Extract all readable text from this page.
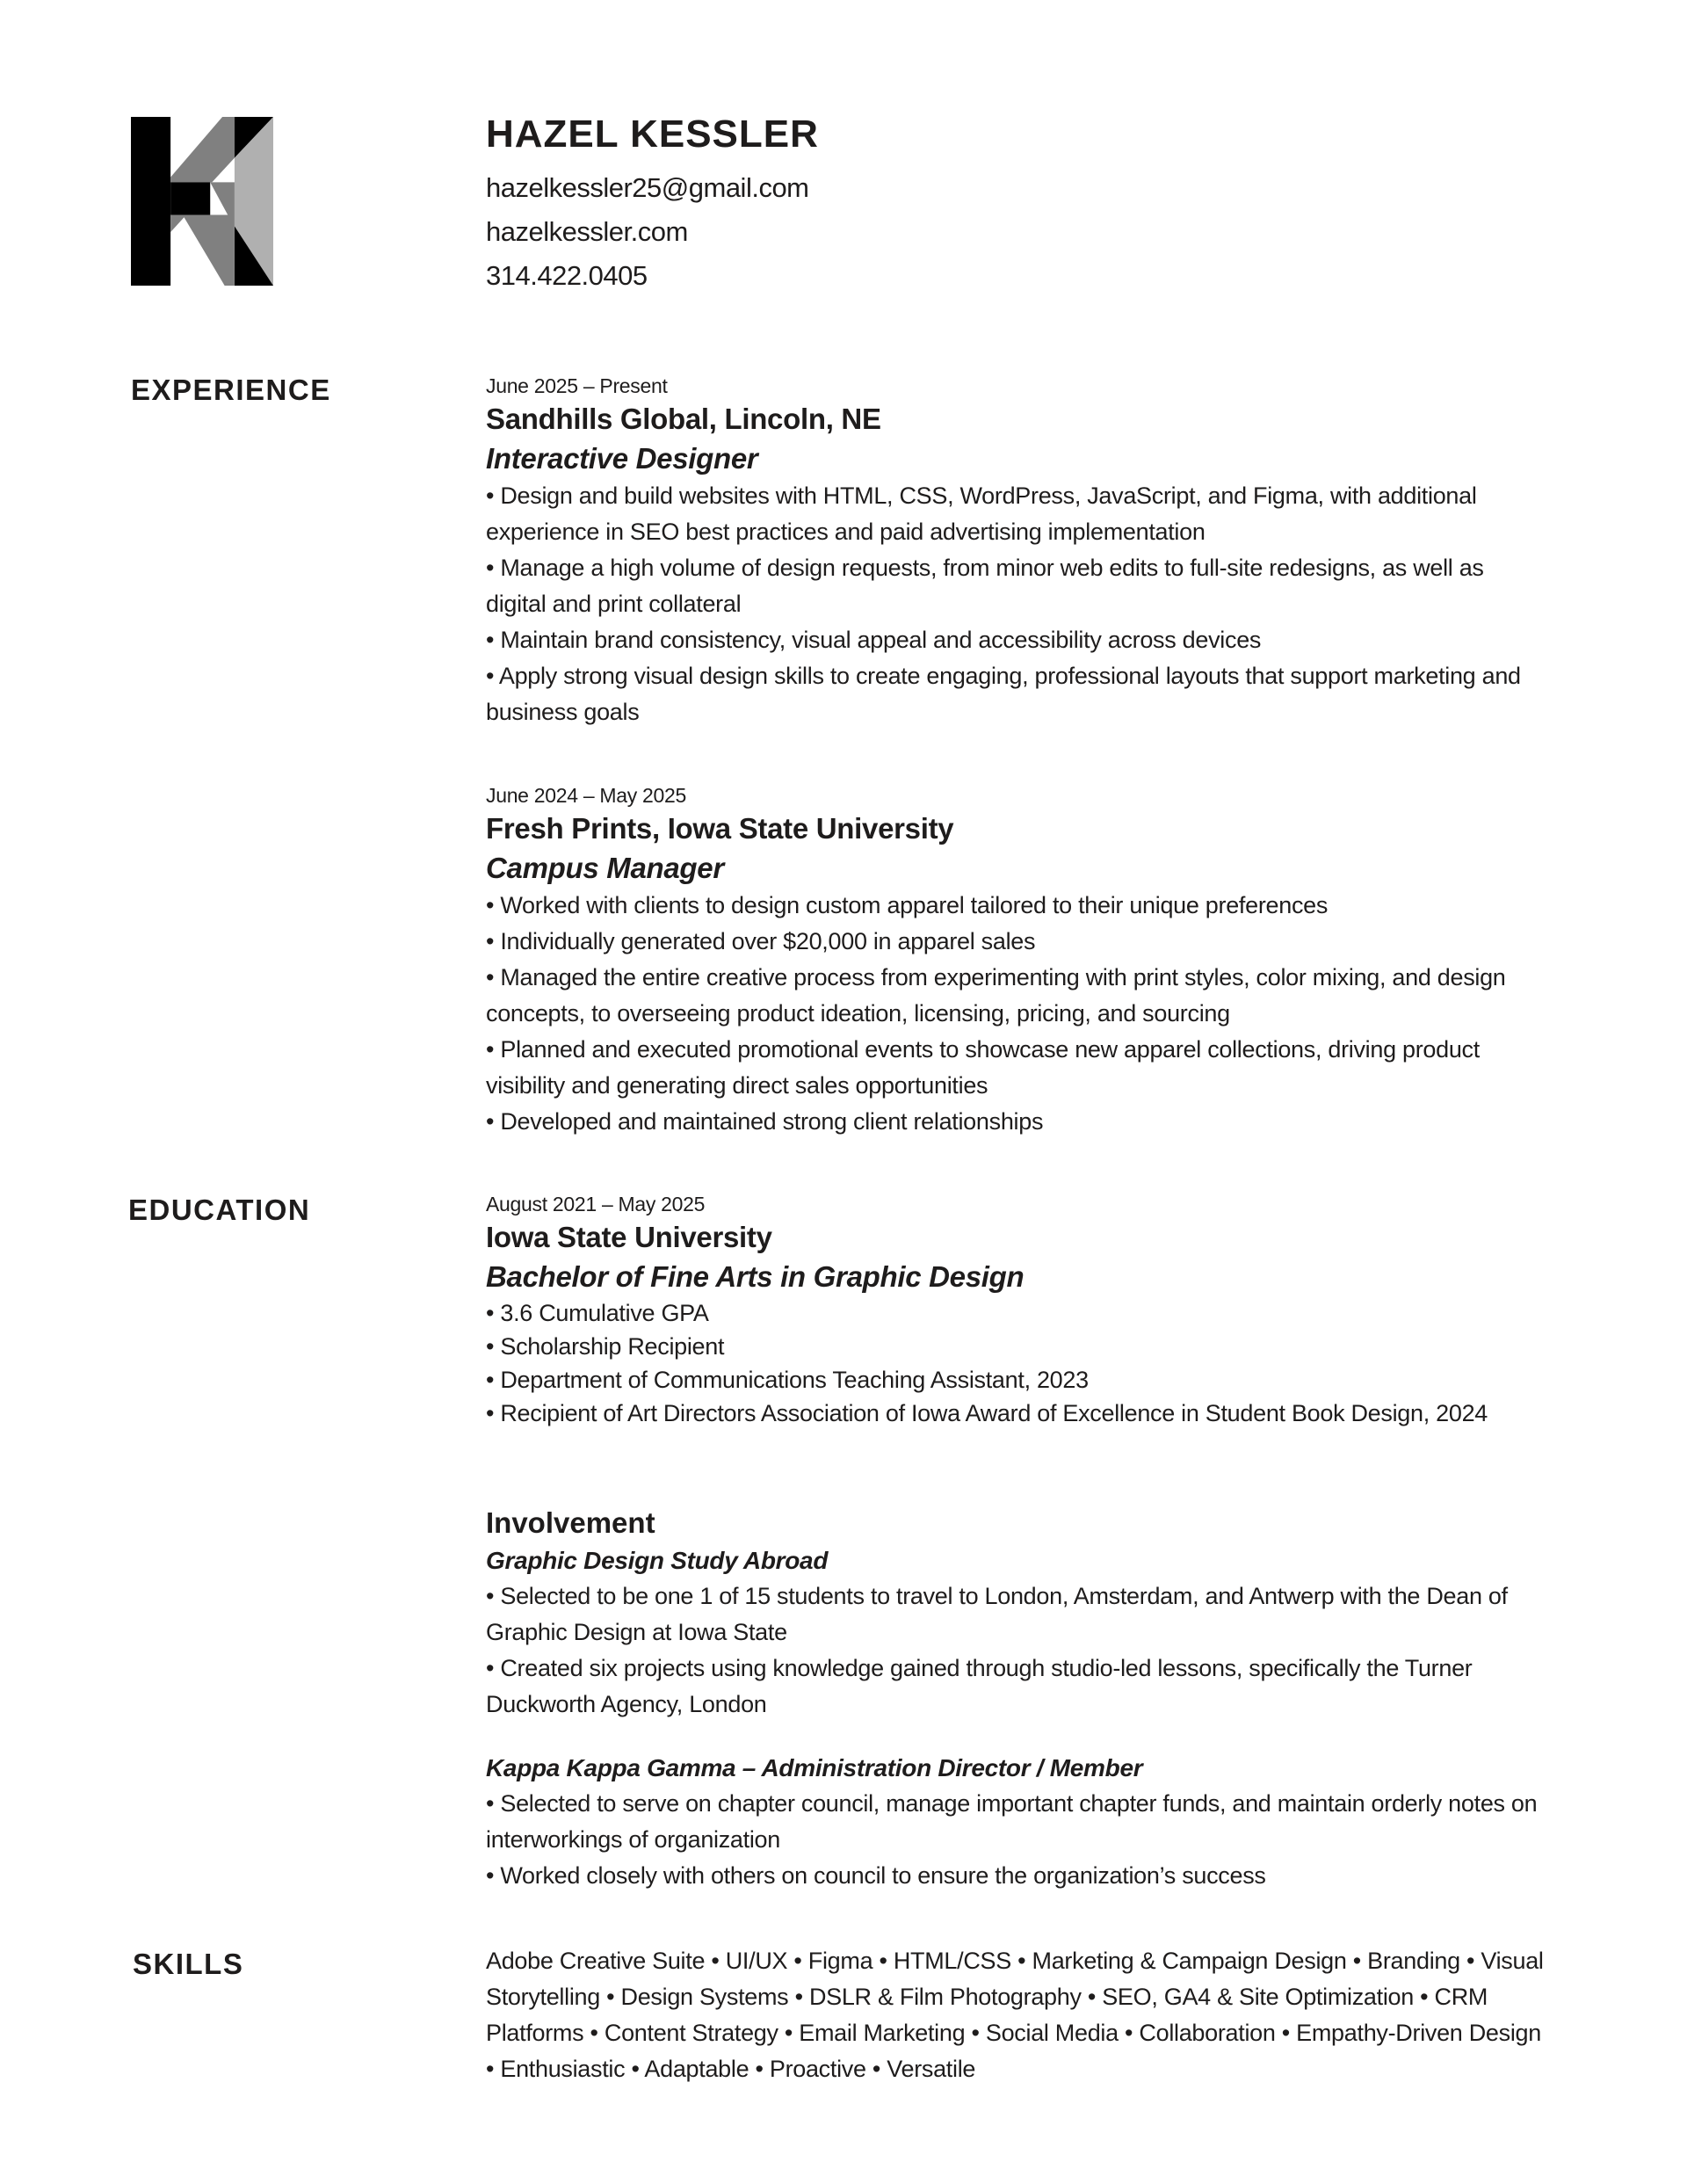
HAZEL KESSLER
hazelkessler25@gmail.com
hazelkessler.com
314.422.0405
EXPERIENCE
EDUCATION
SKILLS
June 2025 – Present
Sandhills Global, Lincoln, NE
Interactive Designer
• Design and build websites with HTML, CSS, WordPress, JavaScript, and Figma, with additional experience in SEO best practices and paid advertising implementation
• Manage a high volume of design requests, from minor web edits to full-site redesigns, as well as digital and print collateral
• Maintain brand consistency, visual appeal and accessibility across devices
• Apply strong visual design skills to create engaging, professional layouts that support marketing and business goals
June 2024 – May 2025
Fresh Prints, Iowa State University
Campus Manager
• Worked with clients to design custom apparel tailored to their unique preferences
• Individually generated over $20,000 in apparel sales
• Managed the entire creative process from experimenting with print styles, color mixing, and design concepts, to overseeing product ideation, licensing, pricing, and sourcing
• Planned and executed promotional events to showcase new apparel collections, driving product visibility and generating direct sales opportunities
• Developed and maintained strong client relationships
August 2021 – May 2025
Iowa State University
Bachelor of Fine Arts in Graphic Design
• 3.6 Cumulative GPA
• Scholarship Recipient
• Department of Communications Teaching Assistant, 2023
• Recipient of Art Directors Association of Iowa Award of Excellence in Student Book Design, 2024
Involvement
Graphic Design Study Abroad
• Selected to be one 1 of 15 students to travel to London, Amsterdam, and Antwerp with the Dean of Graphic Design at Iowa State
• Created six projects using knowledge gained through studio-led lessons, specifically the Turner Duckworth Agency, London
Kappa Kappa Gamma – Administration Director / Member
• Selected to serve on chapter council, manage important chapter funds, and maintain orderly notes on interworkings of organization
• Worked closely with others on council to ensure the organization’s success
Adobe Creative Suite • UI/UX • Figma • HTML/CSS • Marketing & Campaign Design • Branding • Visual Storytelling • Design Systems • DSLR & Film Photography • SEO, GA4 & Site Optimization • CRM Platforms • Content Strategy • Email Marketing • Social Media • Collaboration • Empathy-Driven Design • Enthusiastic • Adaptable • Proactive • Versatile
